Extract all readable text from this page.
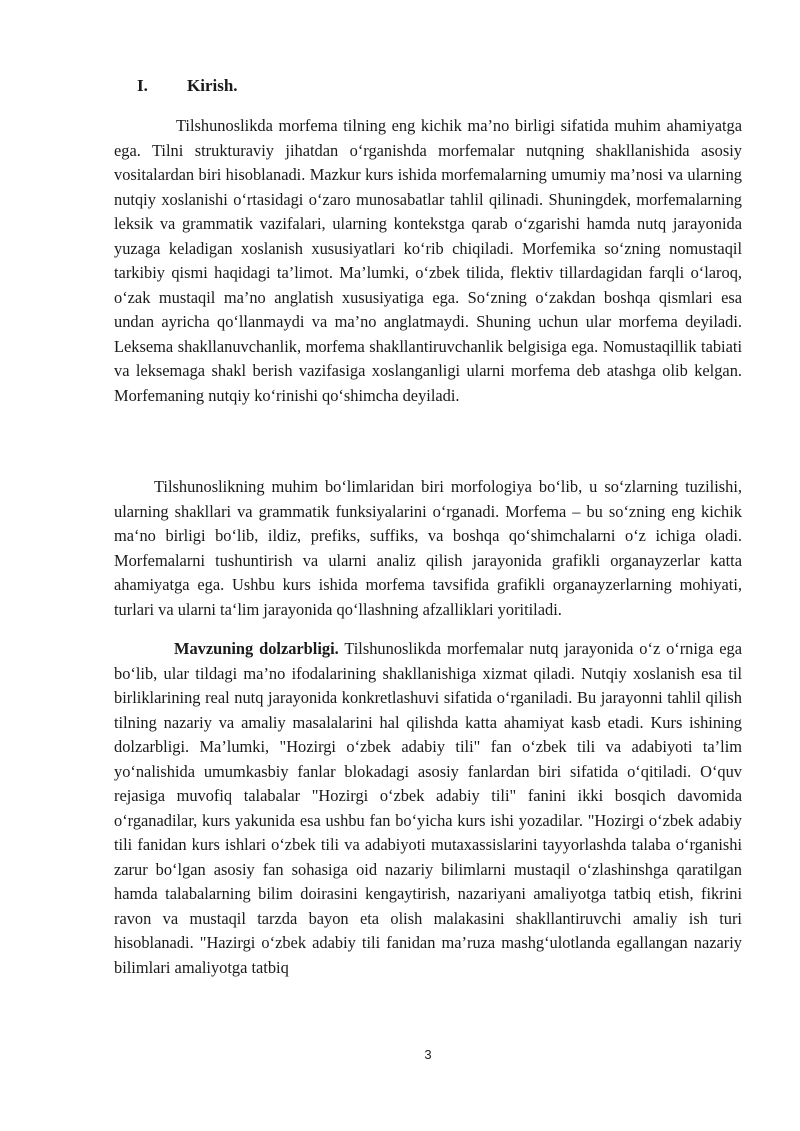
I. Kirish.

Tilshunoslikda morfema tilning eng kichik ma’no birligi sifatida muhim ahamiyatga ega. Tilni strukturaviy jihatdan o‘rganishda morfemalar nutqning shakllanishida asosiy vositalardan biri hisoblanadi. Mazkur kurs ishida morfemalarning umumiy ma’nosi va ularning nutqiy xoslanishi o‘rtasidagi o‘zaro munosabatlar tahlil qilinadi. Shuningdek, morfemalarning leksik va grammatik vazifalari, ularning kontekstga qarab o‘zgarishi hamda nutq jarayonida yuzaga keladigan xoslanish xususiyatlari ko‘rib chiqiladi. Morfemika so‘zning nomustaqil tarkibiy qismi haqidagi ta’limot. Ma’lumki, o‘zbek tilida, flektiv tillardagidan farqli o‘laroq, o‘zak mustaqil ma’no anglatish xususiyatiga ega. So‘zning o‘zakdan boshqa qismlari esa undan ayricha qo‘llanmaydi va ma’no anglatmaydi. Shuning uchun ular morfema deyiladi. Leksema shakllanuvchanlik, morfema shakllantiruvchanlik belgisiga ega. Nomustaqillik tabiati va leksemaga shakl berish vazifasiga xoslanganligi ularni morfema deb atashga olib kelgan. Morfemaning nutqiy ko‘rinishi qo‘shimcha deyiladi.

Tilshunoslikning muhim bo‘limlaridan biri morfologiya bo‘lib, u so‘zlarning tuzilishi, ularning shakllari va grammatik funksiyalarini o‘rganadi. Morfema – bu so‘zning eng kichik ma‘no birligi bo‘lib, ildiz, prefiks, suffiks, va boshqa qo‘shimchalarni o‘z ichiga oladi. Morfemalarni tushuntirish va ularni analiz qilish jarayonida grafikli organayzerlar katta ahamiyatga ega. Ushbu kurs ishida morfema tavsifida grafikli organayzerlarning mohiyati, turlari va ularni ta‘lim jarayonida qo‘llashning afzalliklari yoritiladi.

Mavzuning dolzarbligi. Tilshunoslikda morfemalar nutq jarayonida o‘z o‘rniga ega bo‘lib, ular tildagi ma’no ifodalarining shakllanishiga xizmat qiladi. Nutqiy xoslanish esa til birliklarining real nutq jarayonida konkretlashuvi sifatida o‘rganiladi. Bu jarayonni tahlil qilish tilning nazariy va amaliy masalalarini hal qilishda katta ahamiyat kasb etadi. Kurs ishining dolzarbligi. Ma’lumki, "Hozirgi o‘zbek adabiy tili" fan o‘zbek tili va adabiyoti ta’lim yo‘nalishida umumkasbiy fanlar blokadagi asosiy fanlardan biri sifatida o‘qitiladi. O‘quv rejasiga muvofiq talabalar "Hozirgi o‘zbek adabiy tili" fanini ikki bosqich davomida o‘rganadilar, kurs yakunida esa ushbu fan bo‘yicha kurs ishi yozadilar. "Hozirgi o‘zbek adabiy tili fanidan kurs ishlari o‘zbek tili va adabiyoti mutaxassislarini tayyorlashda talaba o‘rganishi zarur bo‘lgan asosiy fan sohasiga oid nazariy bilimlarni mustaqil o‘zlashinshga qaratilgan hamda talabalarning bilim doirasini kengaytirish, nazariyani amaliyotga tatbiq etish, fikrini ravon va mustaqil tarzda bayon eta olish malakasini shakllantiruvchi amaliy ish turi hisoblanadi. "Hazirgi o‘zbek adabiy tili fanidan ma’ruza mashg‘ulotlanda egallangan nazariy bilimlari amaliyotga tatbiq

3
